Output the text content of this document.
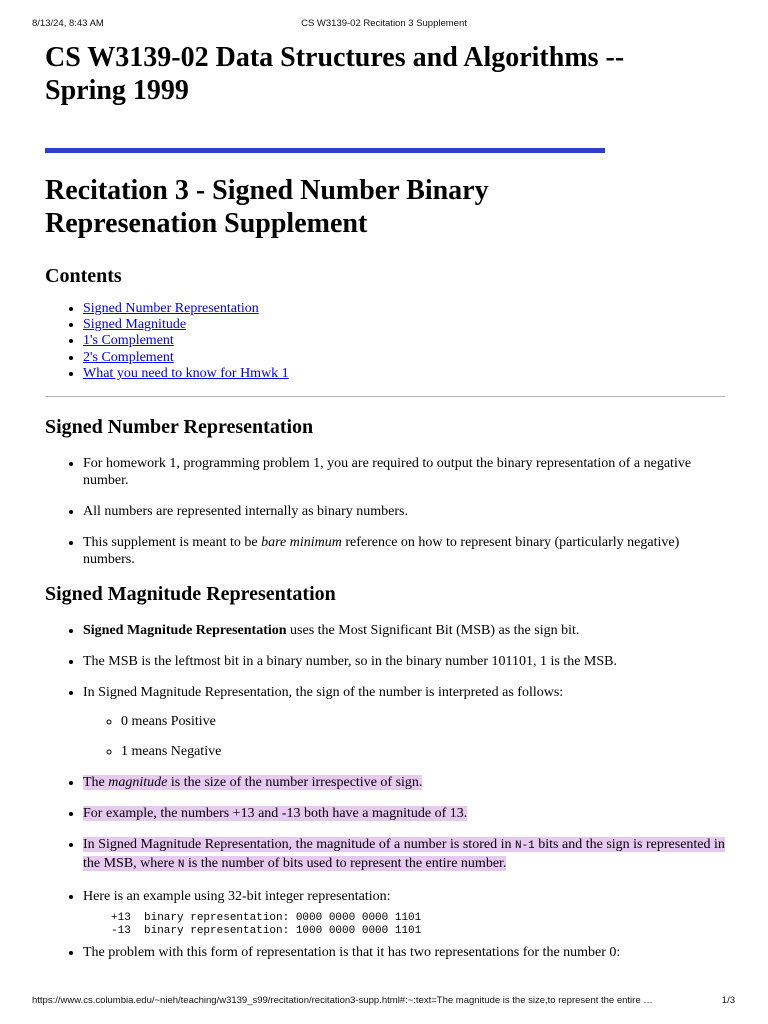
8/13/24, 8:43 AM	CS W3139-02 Recitation 3 Supplement
CS W3139-02 Data Structures and Algorithms --
Spring 1999
Recitation 3 - Signed Number Binary
Represenation Supplement
Contents
• Signed Number Representation
• Signed Magnitude
• 1's Complement
• 2's Complement
• What you need to know for Hmwk 1
Signed Number Representation
• For homework 1, programming problem 1, you are required to output the binary representation of a negative number.
• All numbers are represented internally as binary numbers.
• This supplement is meant to be bare minimum reference on how to represent binary (particularly negative) numbers.
Signed Magnitude Representation
• Signed Magnitude Representation uses the Most Significant Bit (MSB) as the sign bit.
• The MSB is the leftmost bit in a binary number, so in the binary number 101101, 1 is the MSB.
• In Signed Magnitude Representation, the sign of the number is interpreted as follows:
◦ 0 means Positive
◦ 1 means Negative
• The magnitude is the size of the number irrespective of sign.
• For example, the numbers +13 and -13 both have a magnitude of 13.
• In Signed Magnitude Representation, the magnitude of a number is stored in N-1 bits and the sign is represented in the MSB, where N is the number of bits used to represent the entire number.
• Here is an example using 32-bit integer representation:
+13  binary representation: 0000 0000 0000 1101
-13  binary representation: 1000 0000 0000 1101
• The problem with this form of representation is that it has two representations for the number 0:
https://www.cs.columbia.edu/~nieh/teaching/w3139_s99/recitation/recitation3-supp.html#:~:text=The magnitude is the size,to represent the entire …	1/3
